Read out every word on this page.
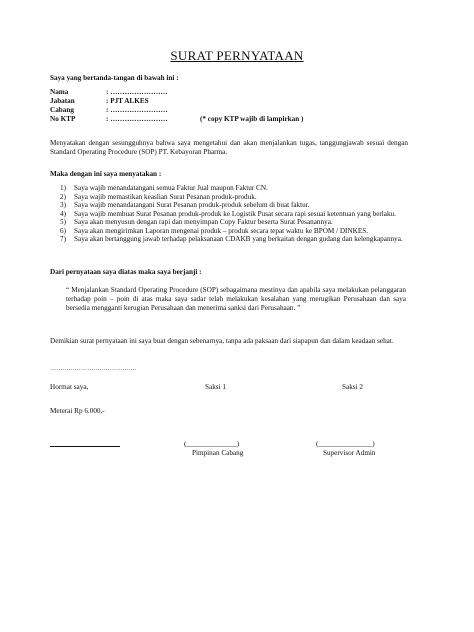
SURAT PERNYATAAN
Saya yang bertanda-tangan di bawah ini :
Nama	: ……………………
Jabatan	: PJT ALKES
Cabang	: ……………………
No KTP	: ……………………	(* copy KTP wajib di lampirkan )
Menyatakan dengan sesungguhnya bahwa saya mengetahui dan akan menjalankan tugas, tanggungjawab sesuai dengan Standard Operating Procedure (SOP) PT. Kebayoran Pharma.
Maka dengan ini saya menyatakan :
1)	Saya wajib menandatangani semua Faktur Jual maupun Faktur CN.
2)	Saya wajib memastikan keaslian Surat Pesanan produk-produk.
3)	Saya wajib menandatangani Surat Pesanan produk-produk sebelum di buat faktur.
4)	Saya wajib membuat Surat Pesanan produk-produk ke Logistik Pusat secara rapi sesuai ketentuan yang berlaku.
5)	Saya akan menyusun dengan rapi dan menyimpan Copy Faktur beserta Surat Pesanannya.
6)	Saya akan mengirimkan Laporan mengenai produk – produk secara tepat waktu ke BPOM / DINKES.
7)	Saya akan bertanggung jawab terhadap pelaksanaan CDAKB yang berkaitan dengan gudang dan kelengkapannya.
Dari pernyataan saya diatas maka saya berjanji :
“ Menjalankan Standard Operating Procedure (SOP) sebagaimana mestinya dan apabila saya melakukan pelanggaran terhadap poin – poin di atas maka saya sadar telah melakukan kesalahan yang merugikan Perusahaan dan saya bersedia mengganti kerugian Perusahaan dan menerima sanksi dari Perusahaan. ”
Demikian surat pernyataan ini saya buat dengan sebenarnya, tanpa ada paksaan dari siapapun dan dalam keadaan sehat.
……………………………………
Hormat saya,	Saksi 1	Saksi 2
Meterai Rp 6.000,-
(______________)	(_______________)
Pimpinan Cabang	Supervisor Admin
